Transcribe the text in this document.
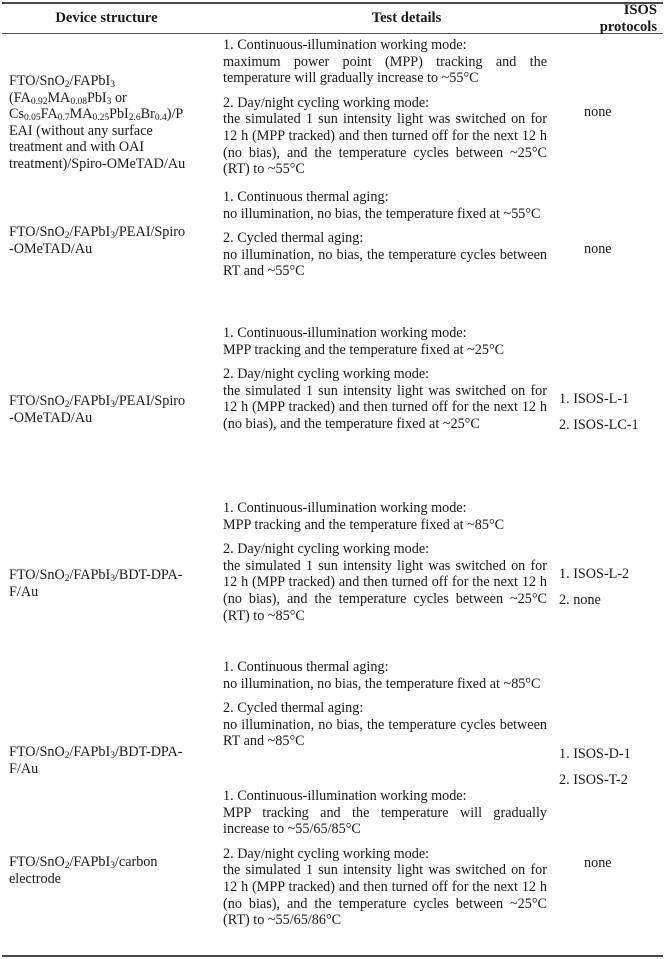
Device structure	Test details
ISOS protocols
FTO/SnO$_2$/FAPbI$_3$
($FA_{0.92}MA_{0.08}PbI_3$ or
$Cs_{0.05}FA_{0.7}MA_{0.25}PbI_{2.6}Br_{0.4})/P$
EAI (without any surface
treatment and with OAI
treatment)/Spiro-OMeTAD/Au
1. Continuous-illumination working mode:
maximum power point (MPP) tracking and the temperature will gradually increase to ~55°C
2. Day/night cycling working mode:
the simulated 1 sun intensity light was switched on for 12 h (MPP tracked) and then turned off for the next 12 h (no bias), and the temperature cycles between ~25°C (RT) to ~55°C
none
FTO/SnO$_2$/FAPbI$_3$/PEAI/Spiro
-OMeTAD/Au
1. Continuous thermal aging:
no illumination, no bias, the temperature fixed at ~55°C
2. Cycled thermal aging:
no illumination, no bias, the temperature cycles between RT and ~55°C
none
FTO/SnO$_2$/FAPbI$_3$/PEAI/Spiro
-OMeTAD/Au
1. Continuous-illumination working mode:
MPP tracking and the temperature fixed at ~25°C
2. Day/night cycling working mode:
the simulated 1 sun intensity light was switched on for 12 h (MPP tracked) and then turned off for the next 12 h (no bias), and the temperature fixed at ~25°C
1. ISOS-L-1
2. ISOS-LC-1
FTO/SnO$_2$/FAPbI$_3$/BDT-DPA-
F/Au
1. Continuous-illumination working mode:
MPP tracking and the temperature fixed at ~85°C
2. Day/night cycling working mode:
the simulated 1 sun intensity light was switched on for 12 h (MPP tracked) and then turned off for the next 12 h (no bias), and the temperature cycles between ~25°C (RT) to ~85°C
1. ISOS-L-2
2. none
FTO/SnO$_2$/FAPbI$_3$/BDT-DPA-
F/Au
1. Continuous thermal aging:
no illumination, no bias, the temperature fixed at ~85°C
2. Cycled thermal aging:
no illumination, no bias, the temperature cycles between RT and ~85°C
1. ISOS-D-1
2. ISOS-T-2
FTO/SnO$_2$/FAPbI$_3$/carbon
electrode
1. Continuous-illumination working mode:
MPP tracking and the temperature will gradually increase to ~55/65/85°C
2. Day/night cycling working mode:
the simulated 1 sun intensity light was switched on for 12 h (MPP tracked) and then turned off for the next 12 h (no bias), and the temperature cycles between ~25°C (RT) to ~55/65/86°C
none
